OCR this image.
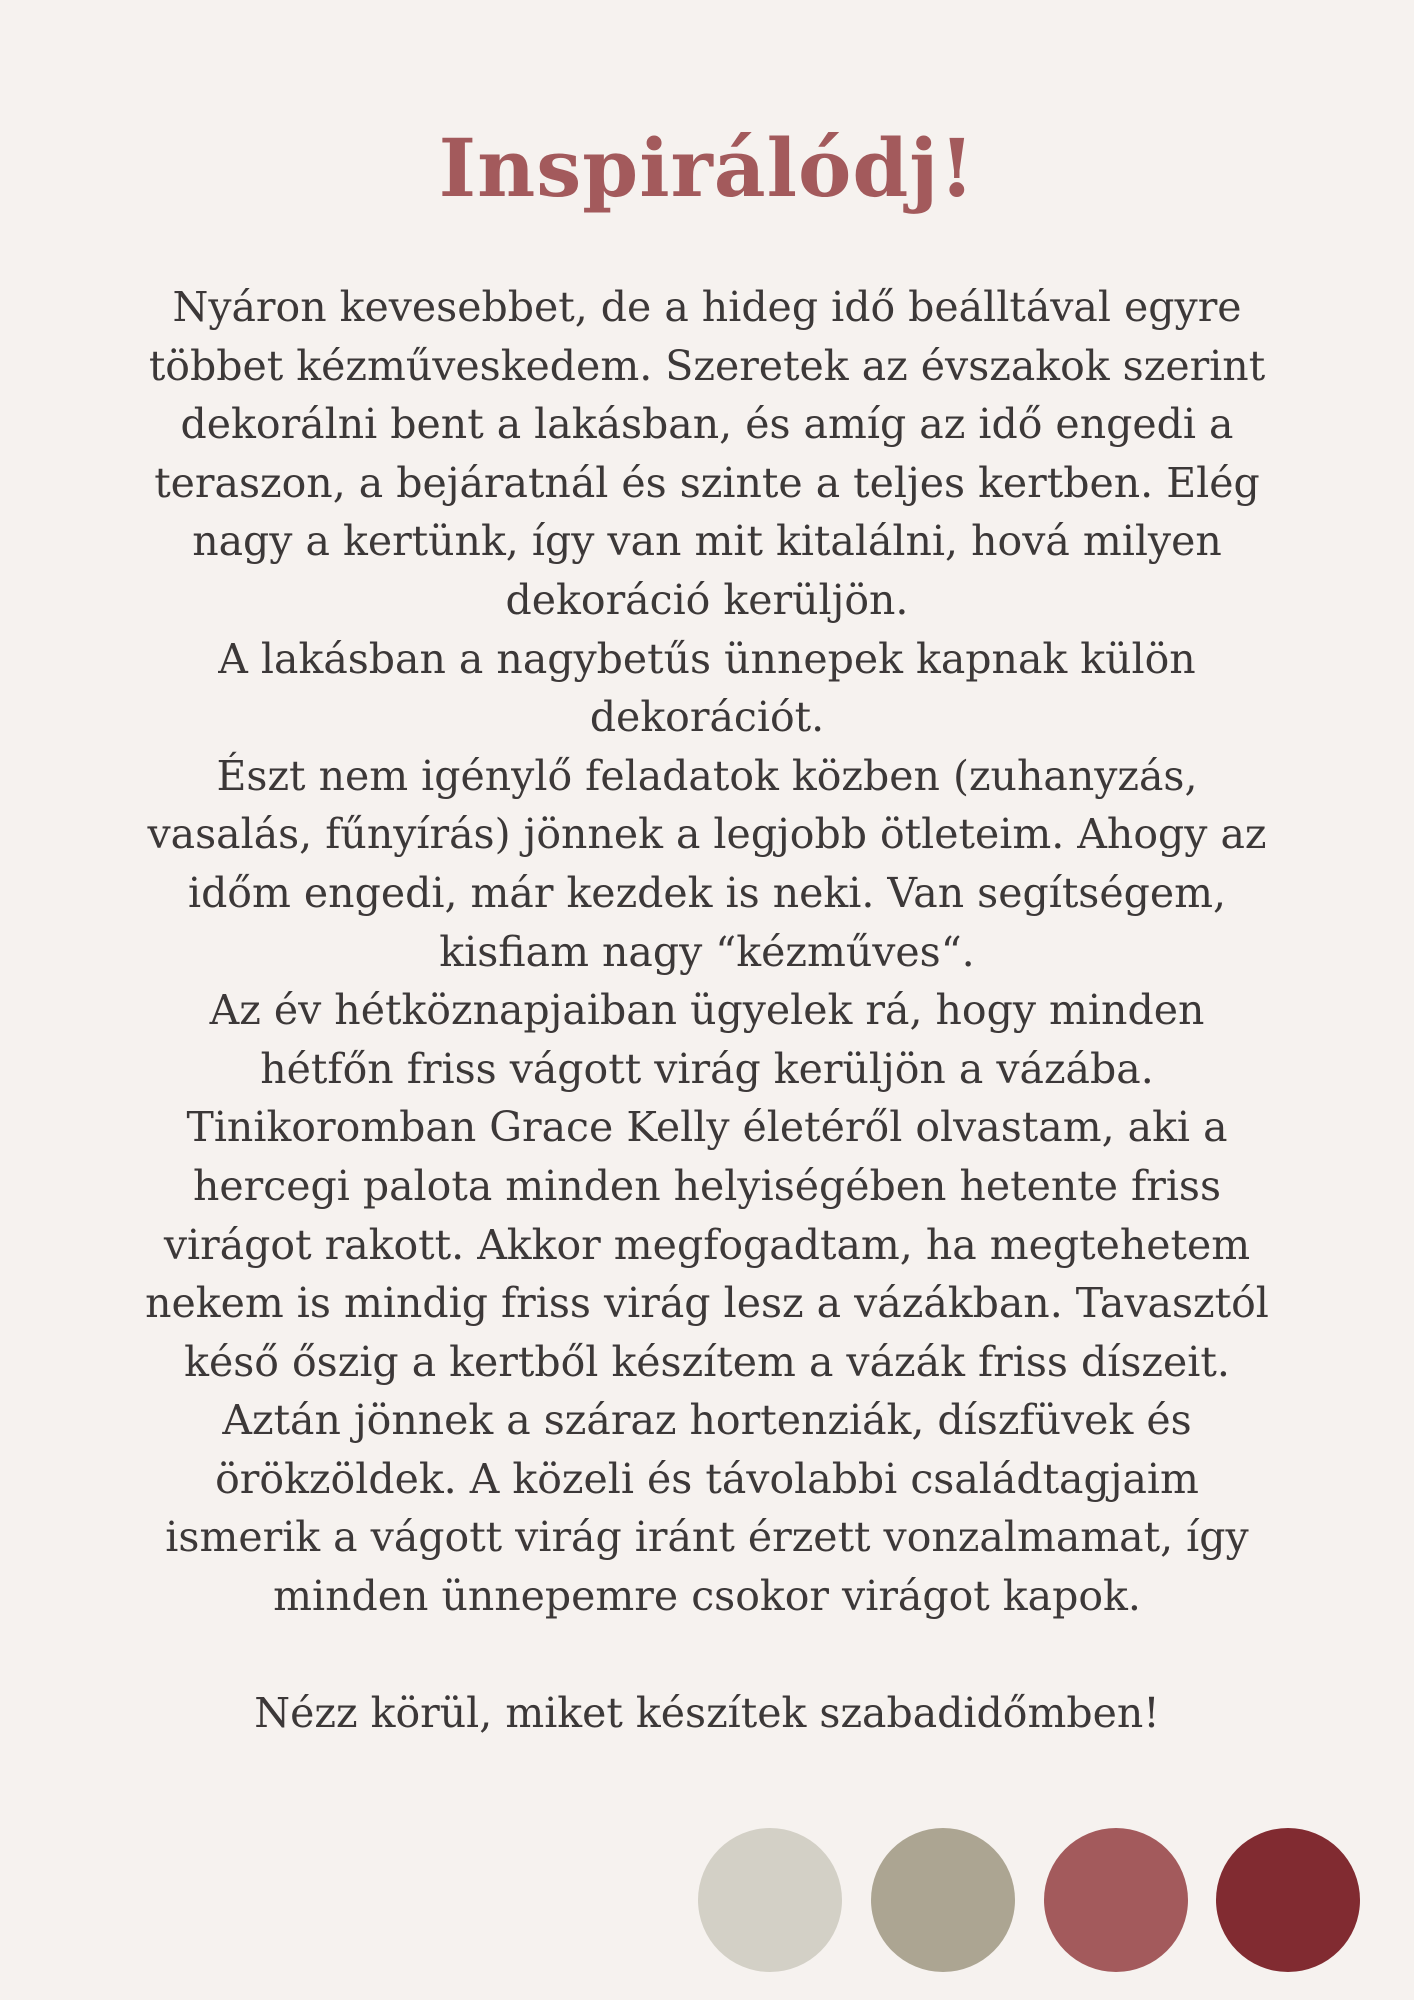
Inspirálódj!

Nyáron kevesebbet, de a hideg idő beálltával egyre

többet kézműveskedem. Szeretek az évszakok szerint

dekorálni bent a lakásban, és amíg az idő engedi a

teraszon, a bejáratnál és szinte a teljes kertben. Elég

nagy a kertünk, így van mit kitalálni, hová milyen

dekoráció kerüljön.

A lakásban a nagybetűs ünnepek kapnak külön

dekorációt.

Észt nem igénylő feladatok közben (zuhanyzás,

vasalás, fűnyírás) jönnek a legjobb ötleteim. Ahogy az

időm engedi, már kezdek is neki. Van segítségem,

kisfiam nagy “kézműves“.

Az év hétköznapjaiban ügyelek rá, hogy minden

hétfőn friss vágott virág kerüljön a vázába.

Tinikoromban Grace Kelly életéről olvastam, aki a

hercegi palota minden helyiségében hetente friss

virágot rakott. Akkor megfogadtam, ha megtehetem

nekem is mindig friss virág lesz a vázákban. Tavasztól

késő őszig a kertből készítem a vázák friss díszeit.

Aztán jönnek a száraz hortenziák, díszfüvek és

örökzöldek. A közeli és távolabbi családtagjaim

ismerik a vágott virág iránt érzett vonzalmamat, így

minden ünnepemre csokor virágot kapok.

Nézz körül, miket készítek szabadidőmben!
